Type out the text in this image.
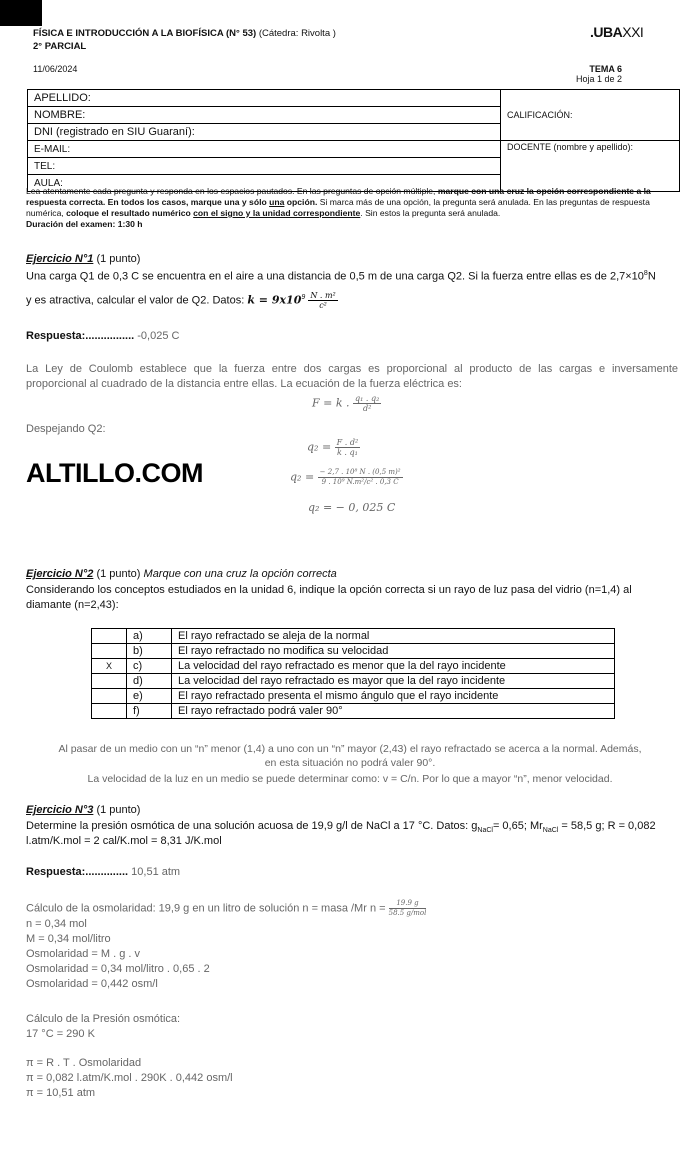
FÍSICA E INTRODUCCIÓN A LA BIOFÍSICA (N° 53) (Cátedra: Rivolta )
2° PARCIAL
.UBAXXI
11/06/2024	TEMA 6
Hoja 1 de 2
APELLIDO:	CALIFICACIÓN:
NOMBRE:	
DNI (registrado en SIU Guaraní):	
E-MAIL:	DOCENTE (nombre y apellido):
TEL:	
AULA:	
Lea atentamente cada pregunta y responda en los espacios pautados. En las preguntas de opción múltiple, marque con una cruz la opción correspondiente a la respuesta correcta. En todos los casos, marque una y sólo una opción. Si marca más de una opción, la pregunta será anulada. En las preguntas de respuesta numérica, coloque el resultado numérico con el signo y la unidad correspondiente. Sin estos la pregunta será anulada.
Duración del examen: 1:30 h
Ejercicio N°1 (1 punto)
Una carga Q1 de 0,3 C se encuentra en el aire a una distancia de 0,5 m de una carga Q2. Si la fuerza entre ellas es de $2,7\times 10^8N$
y es atractiva, calcular el valor de Q2. Datos: $k = 9x10^9 \frac{\text{N . m²}}{\text{c²}}$
Respuesta:................ -0,025 C
La Ley de Coulomb establece que la fuerza entre dos cargas es proporcional al producto de las cargas e inversamente
proporcional al cuadrado de la distancia entre ellas. La ecuación de la fuerza eléctrica es:
F = k . $\frac{\text{q₁ . q₂}}{\text{d²}}$
Despejando Q2:
$q_2 = \frac{\text{F . d²}}{\text{k . q₁}}$
$q_2 = \frac{\text{− 2,7 . 10⁸ N . (0,5 m)²}}{\text{9 . 10⁹ N.m²/c² . 0,3 C}}$
q₂ = − 0, 025 C
ALTILLO.COM
Ejercicio N°2 (1 punto) Marque con una cruz la opción correcta
Considerando los conceptos estudiados en la unidad 6, indique la opción correcta si un rayo de luz pasa del vidrio (n=1,4) al
diamante (n=2,43):
	a)	El rayo refractado se aleja de la normal
	b)	El rayo refractado no modifica su velocidad
X	c)	La velocidad del rayo refractado es menor que la del rayo incidente
	d)	La velocidad del rayo refractado es mayor que la del rayo incidente
	e)	El rayo refractado presenta el mismo ángulo que el rayo incidente
	f)	El rayo refractado podrá valer 90°
Al pasar de un medio con un “n” menor (1,4) a uno con un “n” mayor (2,43) el rayo refractado se acerca a la normal. Además,
en esta situación no podrá valer 90°.
La velocidad de la luz en un medio se puede determinar como: v = C/n. Por lo que a mayor “n”, menor velocidad.
Ejercicio N°3 (1 punto)
Determine la presión osmótica de una solución acuosa de 19,9 g/l de NaCl a 17 °C. Datos: $g_{NaCl}= 0,65$; $Mr_{NaCl} = 58,5$ g; R = 0,082
l.atm/K.mol = 2 cal/K.mol = 8,31 J/K.mol
Respuesta:.............. 10,51 atm
Cálculo de la osmolaridad: 19,9 g en un litro de solución n = masa /Mr $n = \frac{19.9 g}{\text{58.5 g/mol}}$
n = 0,34 mol
M = 0,34 mol/litro
Osmolaridad = M . g . v
Osmolaridad = 0,34 mol/litro . 0,65 . 2
Osmolaridad = 0,442 osm/l
Cálculo de la Presión osmótica:
17 °C = 290 K
π = R . T . Osmolaridad
π = 0,082 l.atm/K.mol . 290K . 0,442 osm/l
π = 10,51 atm
